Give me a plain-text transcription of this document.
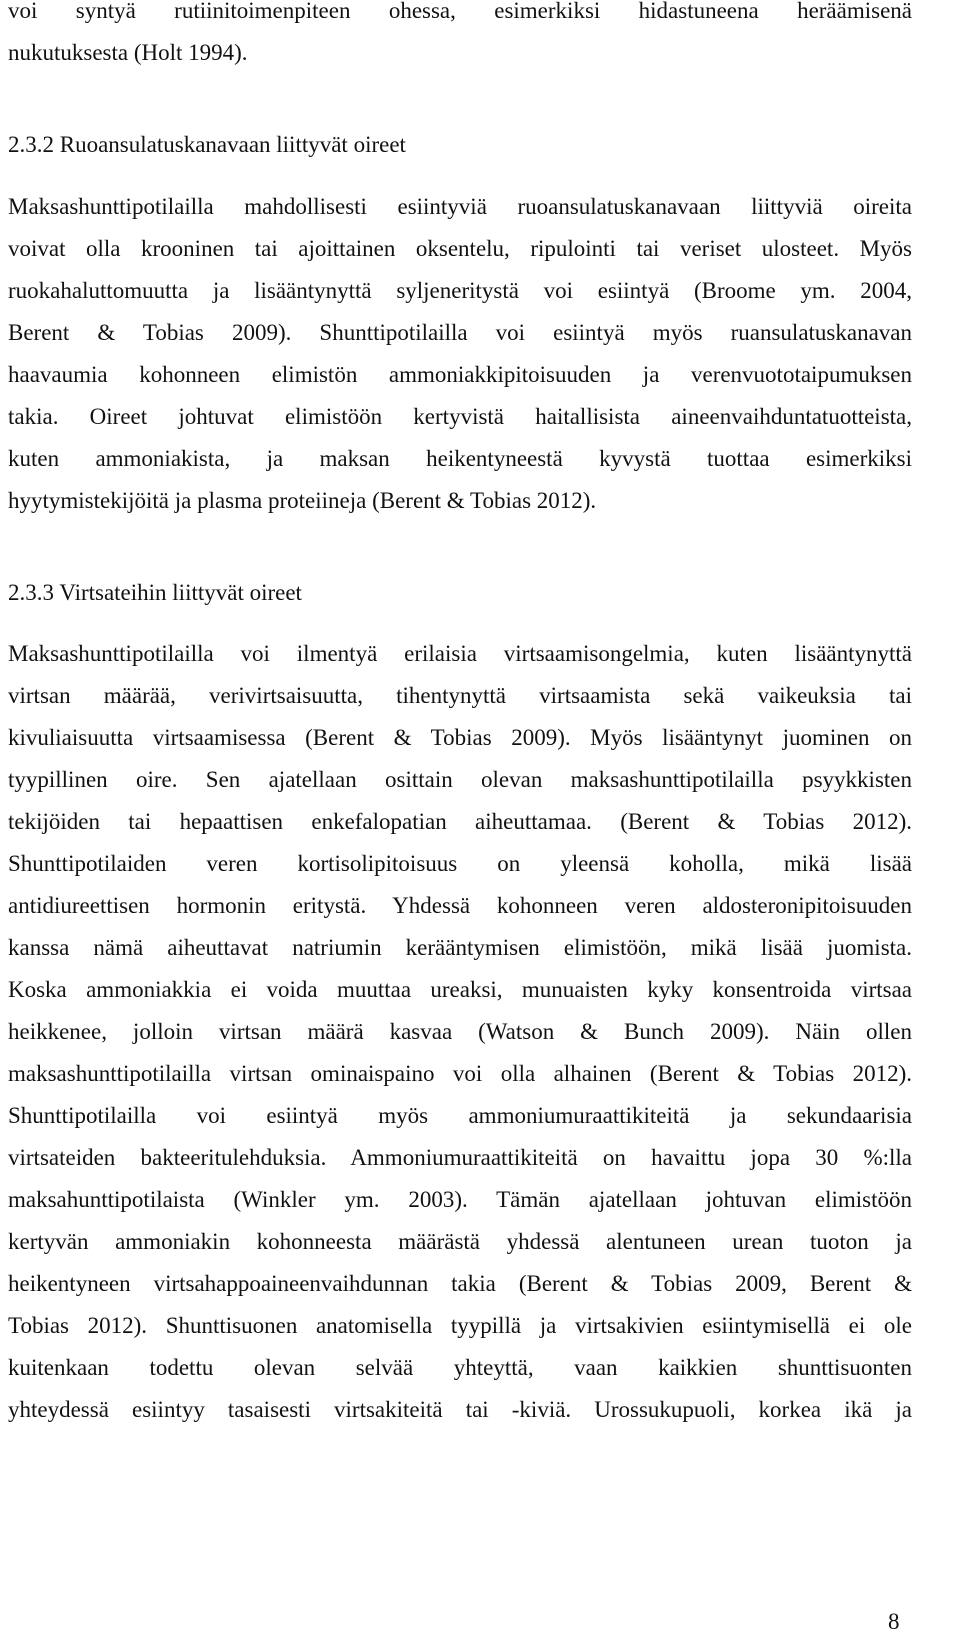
voi syntyä rutiinitoimenpiteen ohessa, esimerkiksi hidastuneena heräämisenä
nukutuksesta (Holt 1994).
2.3.2 Ruoansulatuskanavaan liittyvät oireet
Maksashunttipotilailla mahdollisesti esiintyviä ruoansulatuskanavaan liittyviä oireita
voivat olla krooninen tai ajoittainen oksentelu, ripulointi tai veriset ulosteet. Myös
ruokahaluttomuutta ja lisääntynyttä syljeneritystä voi esiintyä (Broome ym. 2004,
Berent & Tobias 2009). Shunttipotilailla voi esiintyä myös ruansulatuskanavan
haavaumia kohonneen elimistön ammoniakkipitoisuuden ja verenvuototaipumuksen
takia. Oireet johtuvat elimistöön kertyvistä haitallisista aineenvaihduntatuotteista,
kuten ammoniakista, ja maksan heikentyneestä kyvystä tuottaa esimerkiksi
hyytymistekijöitä ja plasma proteiineja (Berent & Tobias 2012).
2.3.3 Virtsateihin liittyvät oireet
Maksashunttipotilailla voi ilmentyä erilaisia virtsaamisongelmia, kuten lisääntynyttä
virtsan määrää, verivirtsaisuutta, tihentynyttä virtsaamista sekä vaikeuksia tai
kivuliaisuutta virtsaamisessa (Berent & Tobias 2009). Myös lisääntynyt juominen on
tyypillinen oire. Sen ajatellaan osittain olevan maksashunttipotilailla psyykkisten
tekijöiden tai hepaattisen enkefalopatian aiheuttamaa. (Berent & Tobias 2012).
Shunttipotilaiden veren kortisolipitoisuus on yleensä koholla, mikä lisää
antidiureettisen hormonin eritystä. Yhdessä kohonneen veren aldosteronipitoisuuden
kanssa nämä aiheuttavat natriumin kerääntymisen elimistöön, mikä lisää juomista.
Koska ammoniakkia ei voida muuttaa ureaksi, munuaisten kyky konsentroida virtsaa
heikkenee, jolloin virtsan määrä kasvaa (Watson & Bunch 2009). Näin ollen
maksashunttipotilailla virtsan ominaispaino voi olla alhainen (Berent & Tobias 2012).
Shunttipotilailla voi esiintyä myös ammoniumuraattikiteitä ja sekundaarisia
virtsateiden bakteeritulehduksia. Ammoniumuraattikiteitä on havaittu jopa 30 %:lla
maksahunttipotilaista (Winkler ym. 2003). Tämän ajatellaan johtuvan elimistöön
kertyvän ammoniakin kohonneesta määrästä yhdessä alentuneen urean tuoton ja
heikentyneen virtsahappoaineenvaihdunnan takia (Berent & Tobias 2009, Berent &
Tobias 2012). Shunttisuonen anatomisella tyypillä ja virtsakivien esiintymisellä ei ole
kuitenkaan todettu olevan selvää yhteyttä, vaan kaikkien shunttisuonten
yhteydessä esiintyy tasaisesti virtsakiteitä tai -kiviä. Urossukupuoli, korkea ikä ja
8
